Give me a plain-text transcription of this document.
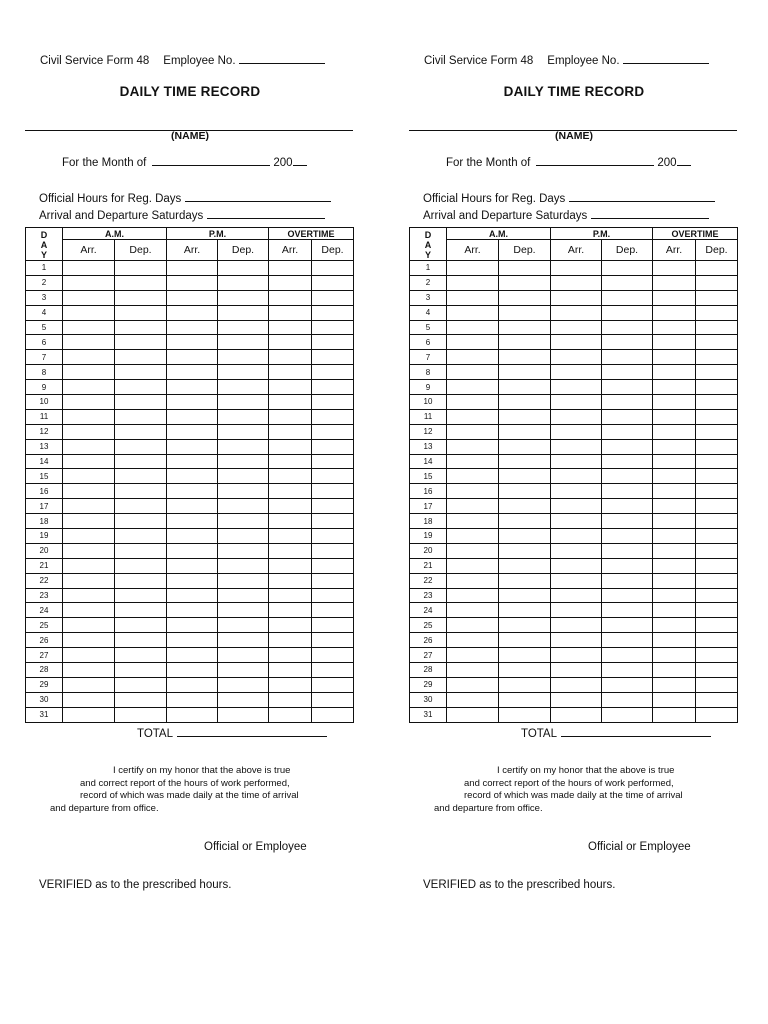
Civil Service Form 48 Employee No.
DAILY TIME RECORD
(NAME)
For the Month of	200
Official Hours for Reg. Days
Arrival and Departure Saturdays
D
A
Y	A.M.		P.M.		OVERTIME	
	Arr.	Dep.	Arr.	Dep.	Arr.	Dep.
1						
2						
3						
4						
5						
6						
7						
8						
9						
10						
11						
12						
13						
14						
15						
16						
17						
18						
19						
20						
21						
22						
23						
24						
25						
26						
27						
28						
29						
30						
31						
TOTAL
I certify on my honor that the above is true
and correct report of the hours of work performed,
record of which was made daily at the time of arrival
and departure from office.
Official or Employee
VERIFIED as to the prescribed hours.
Civil Service Form 48 Employee No.
DAILY TIME RECORD
(NAME)
For the Month of	200
Official Hours for Reg. Days
Arrival and Departure Saturdays
D
A
Y	A.M.		P.M.		OVERTIME	
	Arr.	Dep.	Arr.	Dep.	Arr.	Dep.
1						
2						
3						
4						
5						
6						
7						
8						
9						
10						
11						
12						
13						
14						
15						
16						
17						
18						
19						
20						
21						
22						
23						
24						
25						
26						
27						
28						
29						
30						
31						
TOTAL
I certify on my honor that the above is true
and correct report of the hours of work performed,
record of which was made daily at the time of arrival
and departure from office.
Official or Employee
VERIFIED as to the prescribed hours.
